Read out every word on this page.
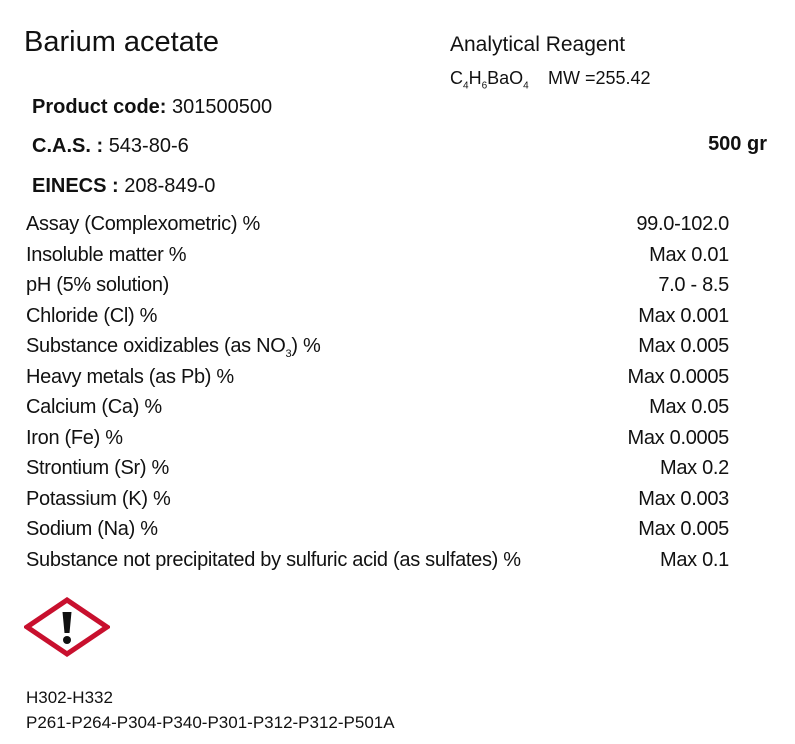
Barium acetate	Analytical Reagent
$C_4H_6BaO_4$ MW =255.42
Product code: 301500500
C.A.S. : 543-80-6
EINECS : 208-849-0
500 gr
Assay (Complexometric) %	99.0-102.0
Insoluble matter %	Max 0.01
pH (5% solution)	7.0 - 8.5
Chloride (Cl) %	Max 0.001
Substance oxidizables (as $NO_3$) %	Max 0.005
Heavy metals (as Pb) %	Max 0.0005
Calcium (Ca) %	Max 0.05
Iron (Fe) %	Max 0.0005
Strontium (Sr) %	Max 0.2
Potassium (K) %	Max 0.003
Sodium (Na) %	Max 0.005
Substance not precipitated by sulfuric acid (as sulfates) %	Max 0.1
H302-H332
P261-P264-P304-P340-P301-P312-P312-P501A
